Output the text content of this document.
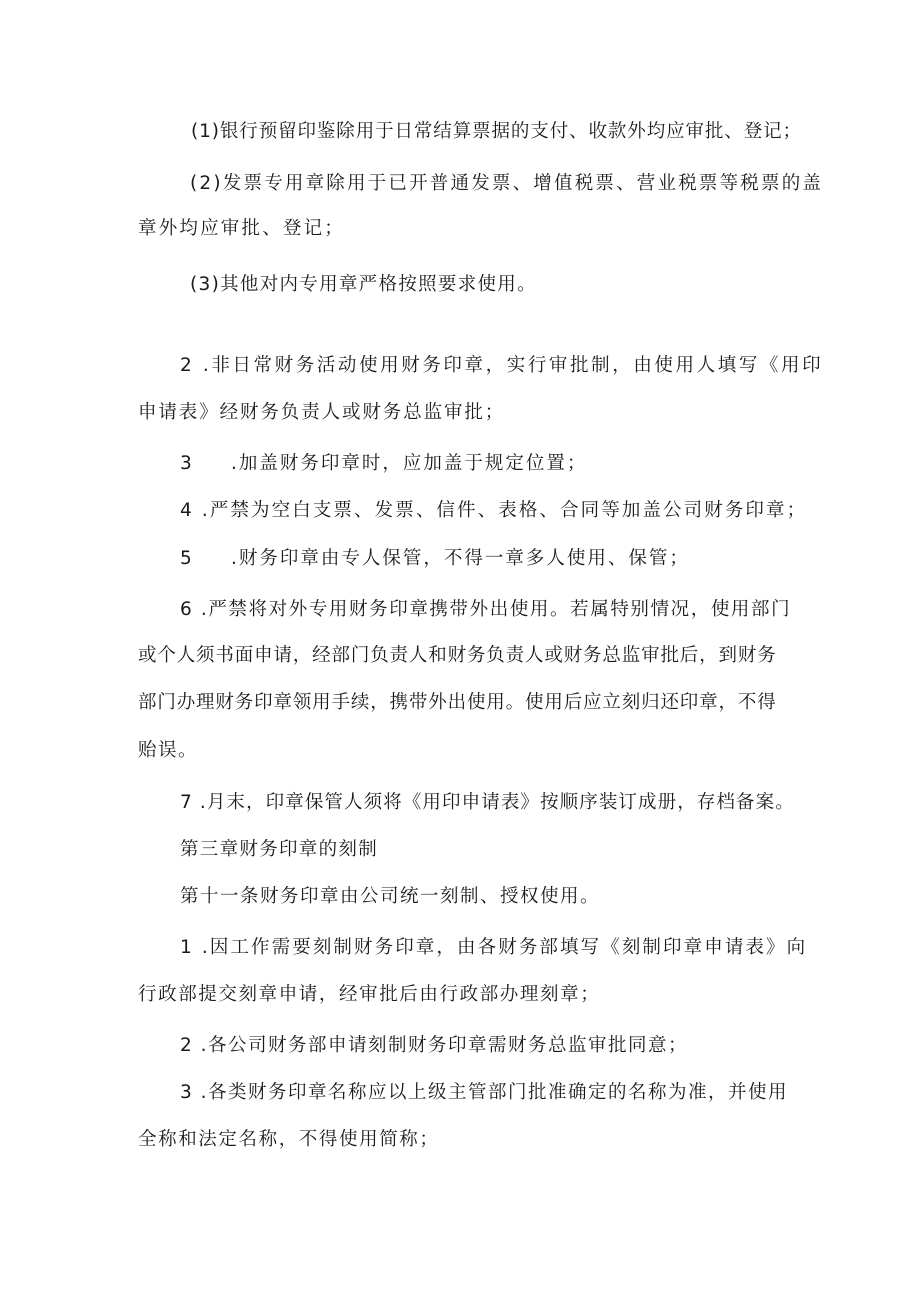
(1)银行预留印鉴除用于日常结算票据的支付、收款外均应审批、登记；
(2)发票专用章除用于已开普通发票、增值税票、营业税票等税票的盖
章外均应审批、登记；
(3)其他对内专用章严格按照要求使用。
2 .非日常财务活动使用财务印章，实行审批制，由使用人填写《用印
申请表》经财务负责人或财务总监审批；
3 .加盖财务印章时，应加盖于规定位置；
4 .严禁为空白支票、发票、信件、表格、合同等加盖公司财务印章；
5 .财务印章由专人保管，不得一章多人使用、保管；
6 .严禁将对外专用财务印章携带外出使用。若属特别情况，使用部门
或个人须书面申请，经部门负责人和财务负责人或财务总监审批后，到财务
部门办理财务印章领用手续，携带外出使用。使用后应立刻归还印章，不得
贻误。
7 .月末，印章保管人须将《用印申请表》按顺序装订成册，存档备案。
第三章财务印章的刻制
第十一条财务印章由公司统一刻制、授权使用。
1 .因工作需要刻制财务印章，由各财务部填写《刻制印章申请表》向
行政部提交刻章申请，经审批后由行政部办理刻章；
2 .各公司财务部申请刻制财务印章需财务总监审批同意；
3 .各类财务印章名称应以上级主管部门批准确定的名称为准，并使用
全称和法定名称，不得使用简称；
